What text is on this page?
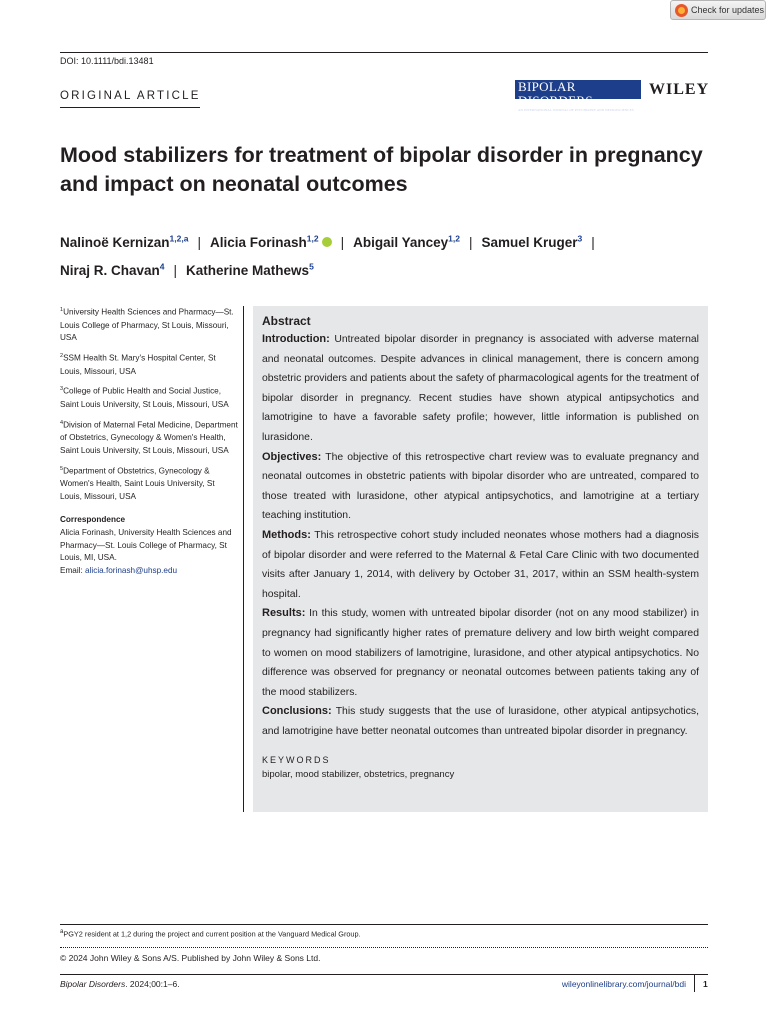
Check for updates
DOI: 10.1111/bdi.13481
ORIGINAL ARTICLE
BIPOLAR DISORDERS
AN INTERNATIONAL JOURNAL OF PSYCHIATRY AND NEUROSCIENCES
WILEY
Mood stabilizers for treatment of bipolar disorder in pregnancy and impact on neonatal outcomes
Nalinoë Kernizan$^{1,2,a}$ | Alicia Forinash$^{1,2}$ | Abigail Yancey$^{1,2}$ | Samuel Kruger$^3$ |
Niraj R. Chavan$^4$ | Katherine Mathews$^5$
$^1$University Health Sciences and Pharmacy—St. Louis College of Pharmacy, St Louis, Missouri, USA
$^2$SSM Health St. Mary's Hospital Center, St Louis, Missouri, USA
$^3$College of Public Health and Social Justice, Saint Louis University, St Louis, Missouri, USA
$^4$Division of Maternal Fetal Medicine, Department of Obstetrics, Gynecology & Women's Health, Saint Louis University, St Louis, Missouri, USA
$^5$Department of Obstetrics, Gynecology & Women's Health, Saint Louis University, St Louis, Missouri, USA
Correspondence
Alicia Forinash, University Health Sciences and Pharmacy—St. Louis College of Pharmacy, St Louis, MI, USA.
Email: alicia.forinash@uhsp.edu
Abstract

Introduction: Untreated bipolar disorder in pregnancy is associated with adverse maternal and neonatal outcomes. Despite advances in clinical management, there is concern among obstetric providers and patients about the safety of pharmacological agents for the treatment of bipolar disorder in pregnancy. Recent studies have shown atypical antipsychotics and lamotrigine to have a favorable safety profile; however, little information is published on lurasidone.

Objectives: The objective of this retrospective chart review was to evaluate pregnancy and neonatal outcomes in obstetric patients with bipolar disorder who are untreated, compared to those treated with lurasidone, other atypical antipsychotics, and lamotrigine at a tertiary teaching institution.

Methods: This retrospective cohort study included neonates whose mothers had a diagnosis of bipolar disorder and were referred to the Maternal & Fetal Care Clinic with two documented visits after January 1, 2014, with delivery by October 31, 2017, within an SSM health-system hospital.

Results: In this study, women with untreated bipolar disorder (not on any mood stabilizer) in pregnancy had significantly higher rates of premature delivery and low birth weight compared to women on mood stabilizers of lamotrigine, lurasidone, and other atypical antipsychotics. No difference was observed for pregnancy or neonatal outcomes between patients taking any of the mood stabilizers.

Conclusions: This study suggests that the use of lurasidone, other atypical antipsychotics, and lamotrigine have better neonatal outcomes than untreated bipolar disorder in pregnancy.

KEYWORDS
bipolar, mood stabilizer, obstetrics, pregnancy
$^a$PGY2 resident at 1,2 during the project and current position at the Vanguard Medical Group.
© 2024 John Wiley & Sons A/S. Published by John Wiley & Sons Ltd.
Bipolar Disorders. 2024;00:1–6.	wileyonlinelibrary.com/journal/bdi 1
